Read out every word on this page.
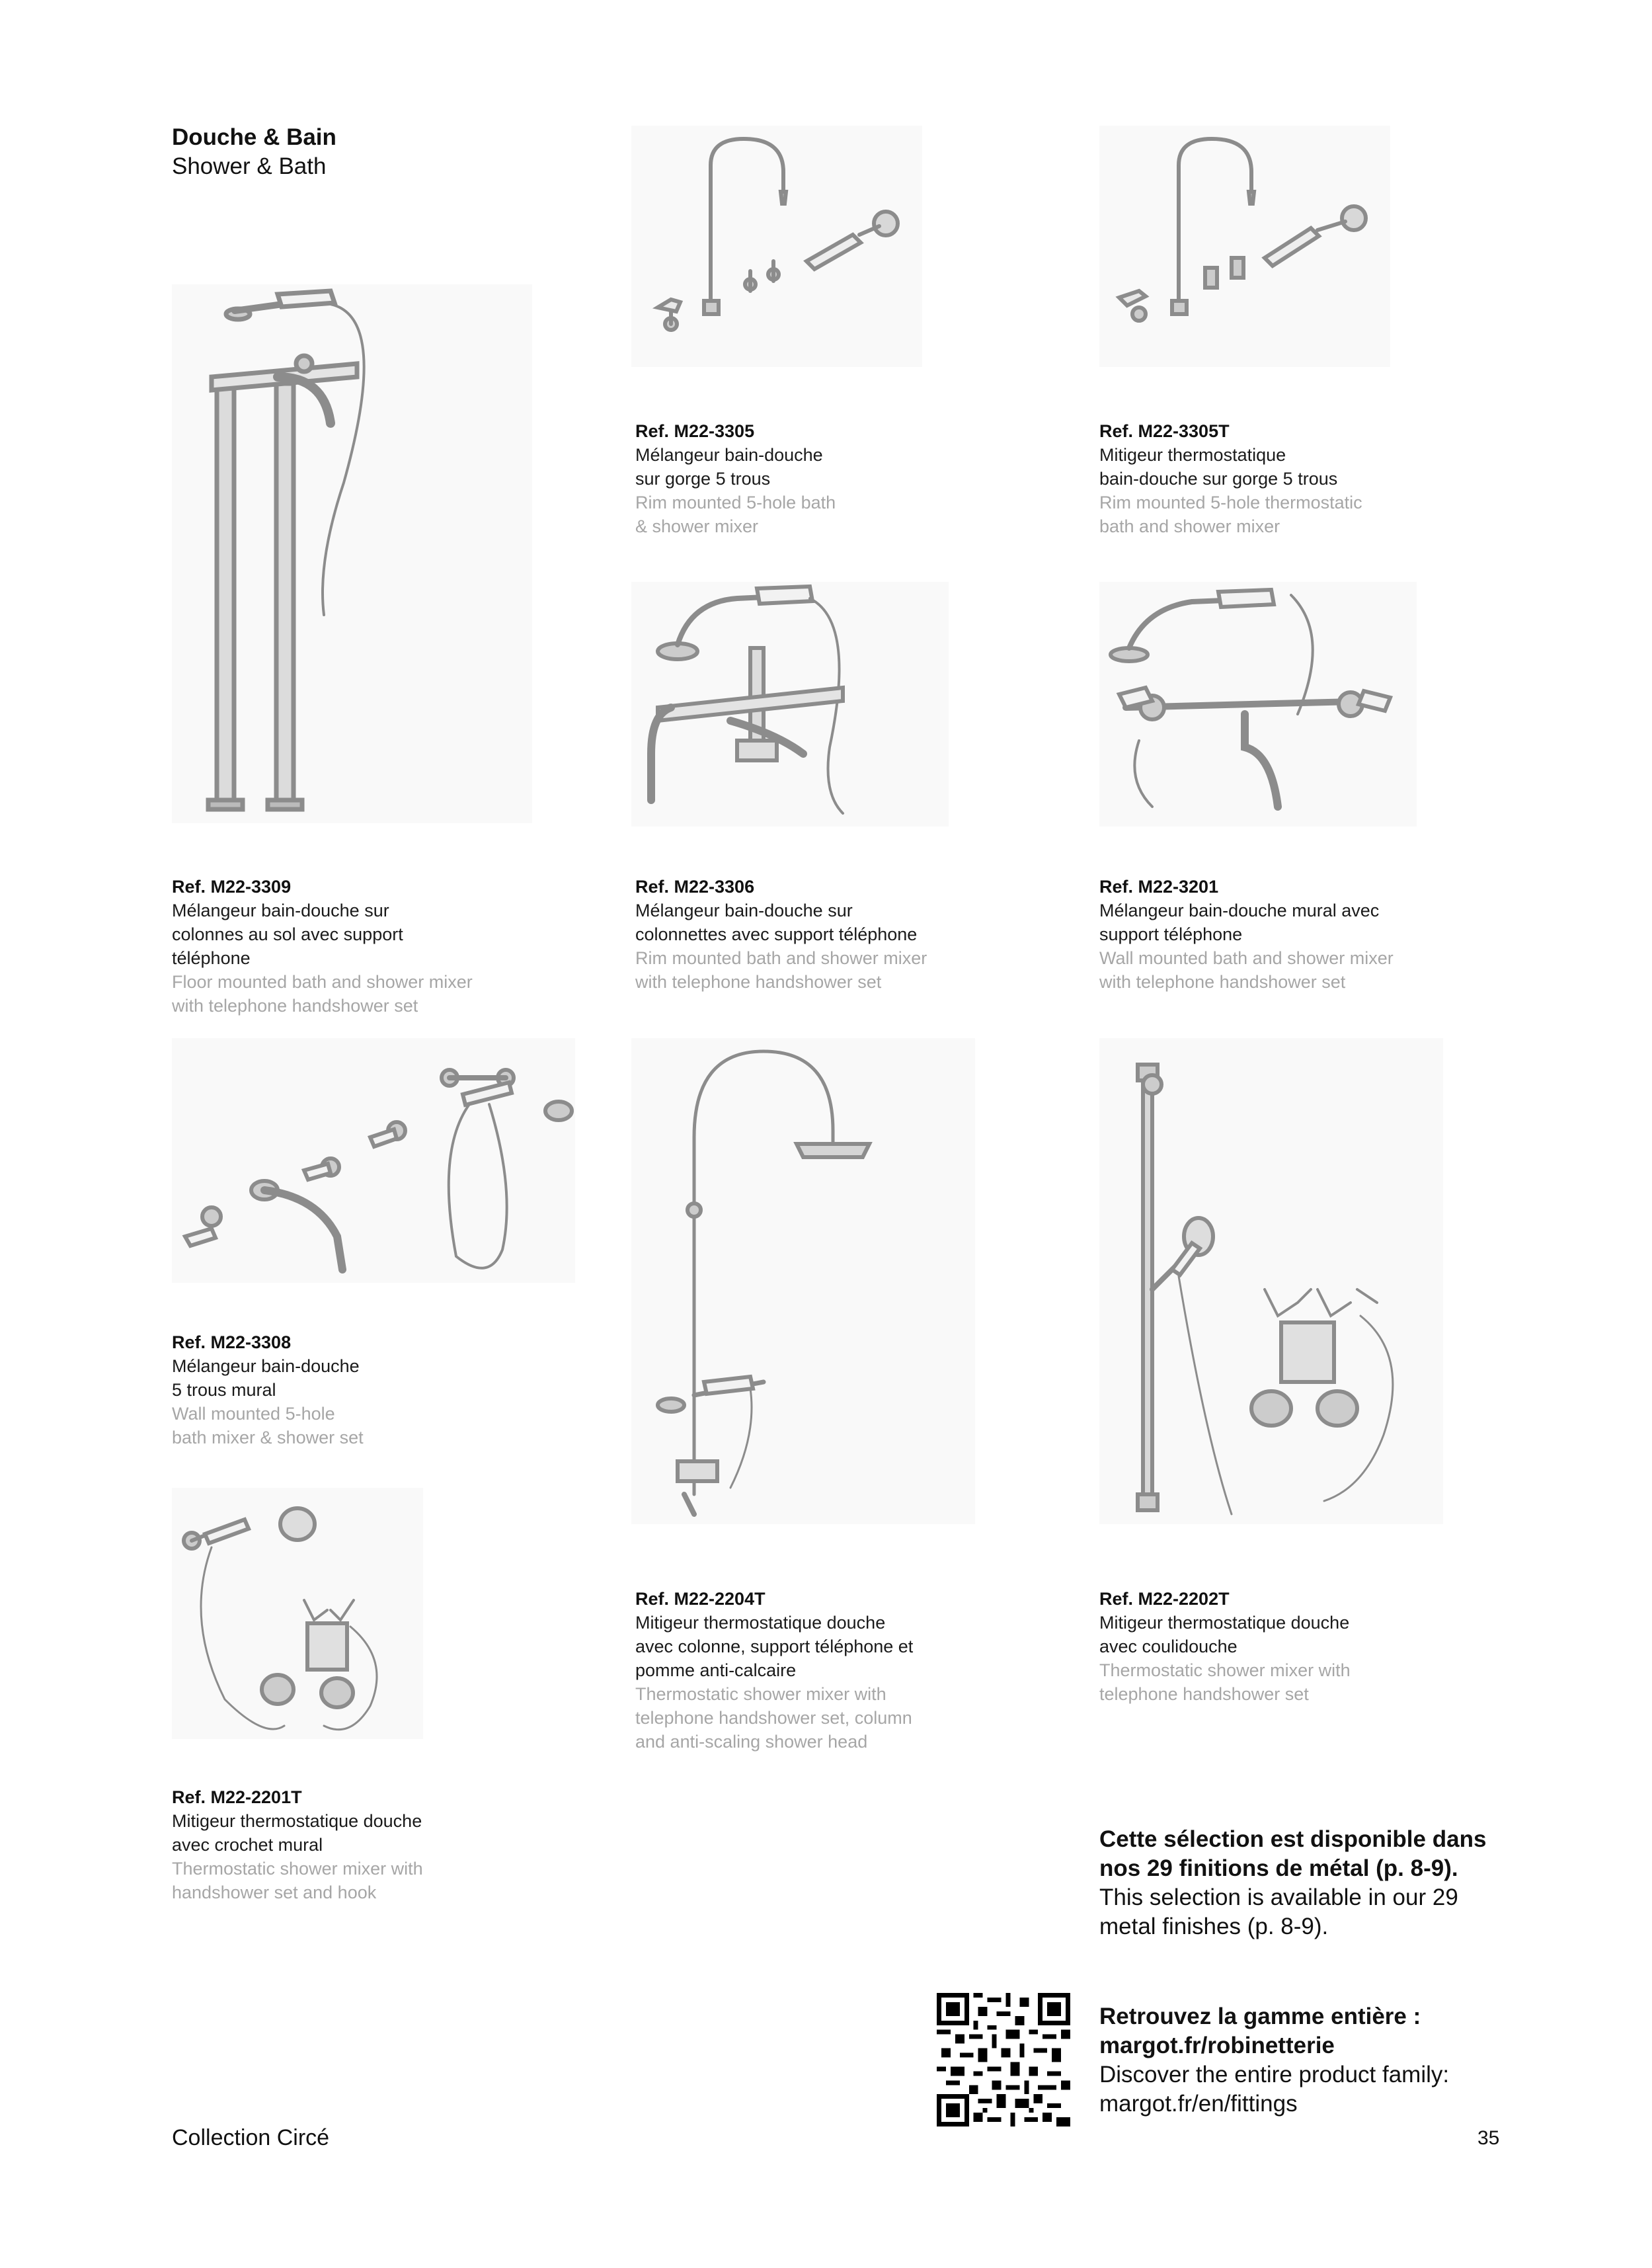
Douche & Bain
Shower & Bath
Ref. M22-3305
Mélangeur bain-douche
sur gorge 5 trous
Rim mounted 5-hole bath
& shower mixer
Ref. M22-3305T
Mitigeur thermostatique
bain-douche sur gorge 5 trous
Rim mounted 5-hole thermostatic
bath and shower mixer
Ref. M22-3309
Mélangeur bain-douche sur
colonnes au sol avec support
téléphone
Floor mounted bath and shower mixer
with telephone handshower set
Ref. M22-3306
Mélangeur bain-douche sur
colonnettes avec support téléphone
Rim mounted bath and shower mixer
with telephone handshower set
Ref. M22-3201
Mélangeur bain-douche mural avec
support téléphone
Wall mounted bath and shower mixer
with telephone handshower set
Ref. M22-3308
Mélangeur bain-douche
5 trous mural
Wall mounted 5-hole
bath mixer & shower set
Ref. M22-2204T
Mitigeur thermostatique douche
avec colonne, support téléphone et
pomme anti-calcaire
Thermostatic shower mixer with
telephone handshower set, column
and anti-scaling shower head
Ref. M22-2202T
Mitigeur thermostatique douche
avec coulidouche
Thermostatic shower mixer with
telephone handshower set
Ref. M22-2201T
Mitigeur thermostatique douche
avec crochet mural
Thermostatic shower mixer with
handshower set and hook
Cette sélection est disponible dans
nos 29 finitions de métal (p. 8-9).
This selection is available in our 29
metal finishes (p. 8-9).
Retrouvez la gamme entière :
margot.fr/robinetterie
Discover the entire product family:
margot.fr/en/fittings
Collection Circé	35
